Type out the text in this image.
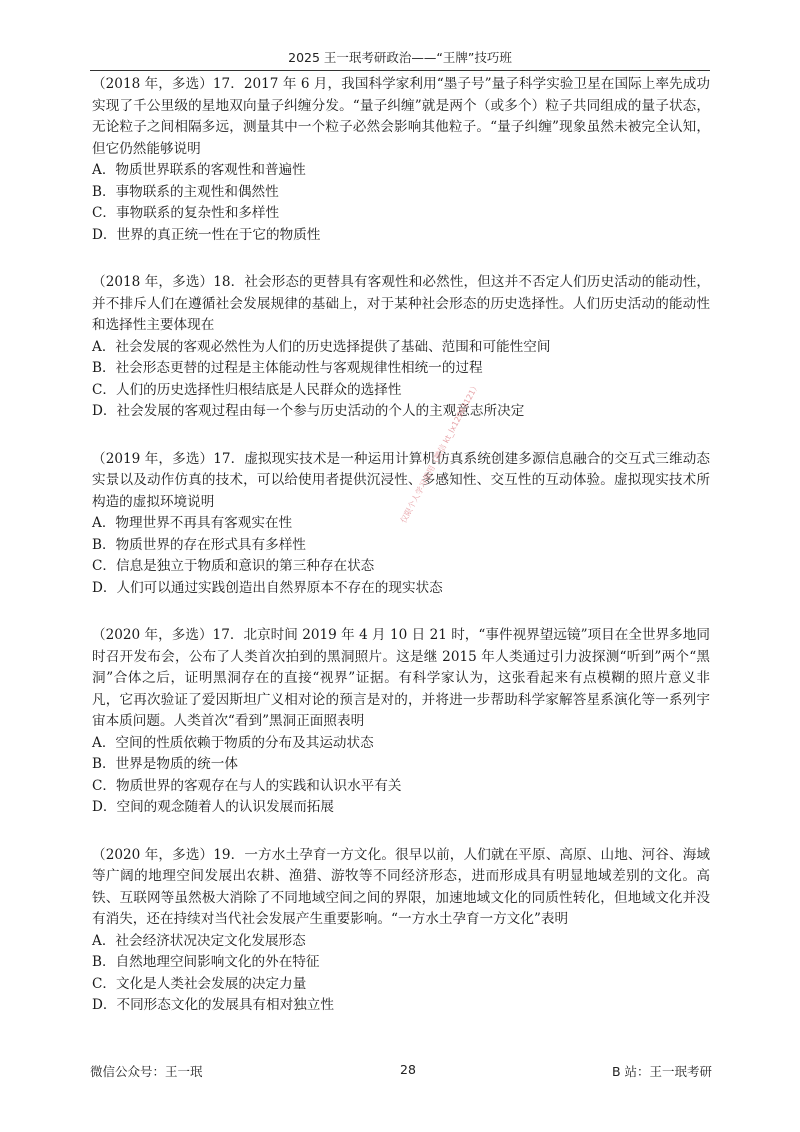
2025 王一珉考研政治——“王牌”技巧班

（2018 年，多选）17．2017 年 6 月，我国科学家利用“墨子号”量子科学实验卫星在国际上率先成功实现了千公里级的星地双向量子纠缠分发。“量子纠缠”就是两个（或多个）粒子共同组成的量子状态，无论粒子之间相隔多远，测量其中一个粒子必然会影响其他粒子。“量子纠缠”现象虽然未被完全认知，但它仍然能够说明

A．物质世界联系的客观性和普遍性

B．事物联系的主观性和偶然性

C．事物联系的复杂性和多样性

D．世界的真正统一性在于它的物质性

（2018 年，多选）18．社会形态的更替具有客观性和必然性，但这并不否定人们历史活动的能动性，并不排斥人们在遵循社会发展规律的基础上，对于某种社会形态的历史选择性。人们历史活动的能动性和选择性主要体现在

A．社会发展的客观必然性为人们的历史选择提供了基础、范围和可能性空间

B．社会形态更替的过程是主体能动性与客观规律性相统一的过程

C．人们的历史选择性归根结底是人民群众的选择性

D．社会发展的客观过程由每一个参与历史活动的个人的主观意志所决定

（2019 年，多选）17．虚拟现实技术是一种运用计算机仿真系统创建多源信息融合的交互式三维动态实景以及动作仿真的技术，可以给使用者提供沉浸性、多感知性、交互性的互动体验。虚拟现实技术所构造的虚拟环境说明

A．物理世界不再具有客观实在性

B．物质世界的存在形式具有多样性

C．信息是独立于物质和意识的第三种存在状态

D．人们可以通过实践创造出自然界原本不存在的现实状态

（2020 年，多选）17．北京时间 2019 年 4 月 10 日 21 时，“事件视界望远镜”项目在全世界多地同时召开发布会，公布了人类首次拍到的黑洞照片。这是继 2015 年人类通过引力波探测“听到”两个“黑洞”合体之后，证明黑洞存在的直接“视界”证据。有科学家认为，这张看起来有点模糊的照片意义非凡，它再次验证了爱因斯坦广义相对论的预言是对的，并将进一步帮助科学家解答星系演化等一系列宇宙本质问题。人类首次“看到”黑洞正面照表明

A．空间的性质依赖于物质的分布及其运动状态

B．世界是物质的统一体

C．物质世界的客观存在与人的实践和认识水平有关

D．空间的观念随着人的认识发展而拓展

（2020 年，多选）19．一方水土孕育一方文化。很早以前，人们就在平原、高原、山地、河谷、海域等广阔的地理空间发展出农耕、渔猎、游牧等不同经济形态，进而形成具有明显地域差别的文化。高铁、互联网等虽然极大消除了不同地域空间之间的界限，加速地域文化的同质性转化，但地域文化并没有消失，还在持续对当代社会发展产生重要影响。“一方水土孕育一方文化”表明

A．社会经济状况决定文化发展形态

B．自然地理空间影响文化的外在特征

C．文化是人类社会发展的决定力量

D．不同形态文化的发展具有相对独立性

仅限个人学习使用（微信 kt_lx12983121）
微信公众号：王一珉	28	B 站：王一珉考研
